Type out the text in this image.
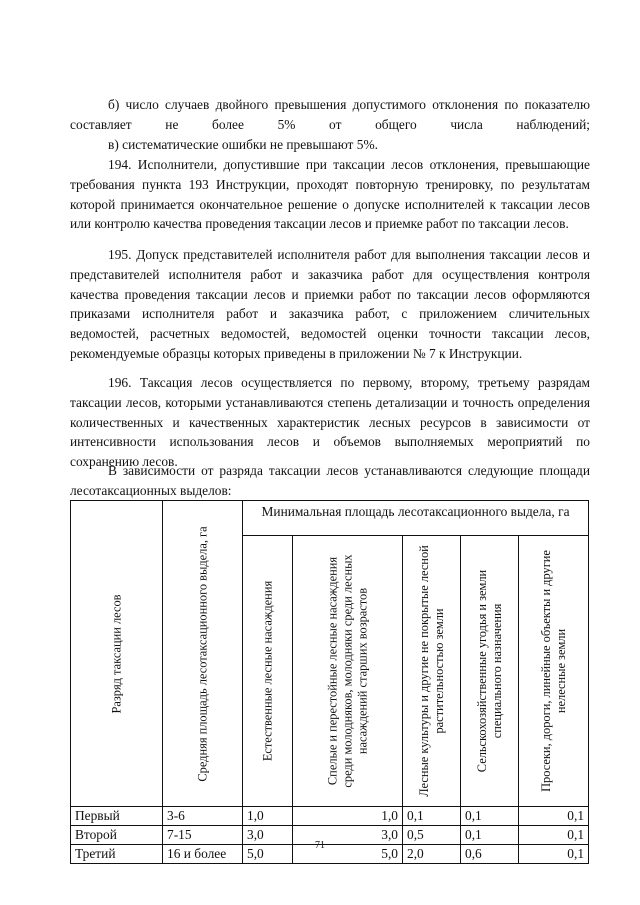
б) число случаев двойного превышения допустимого отклонения по показателю составляет не более 5% от общего числа наблюдений;
в) систематические ошибки не превышают 5%.
194. Исполнители, допустившие при таксации лесов отклонения, превышающие требования пункта 193 Инструкции, проходят повторную тренировку, по результатам которой принимается окончательное решение о допуске исполнителей к таксации лесов или контролю качества проведения таксации лесов и приемке работ по таксации лесов.
195. Допуск представителей исполнителя работ для выполнения таксации лесов и представителей исполнителя работ и заказчика работ для осуществления контроля качества проведения таксации лесов и приемки работ по таксации лесов оформляются приказами исполнителя работ и заказчика работ, с приложением сличительных ведомостей, расчетных ведомостей, ведомостей оценки точности таксации лесов, рекомендуемые образцы которых приведены в приложении № 7 к Инструкции.
196. Таксация лесов осуществляется по первому, второму, третьему разрядам таксации лесов, которыми устанавливаются степень детализации и точность определения количественных и качественных характеристик лесных ресурсов в зависимости от интенсивности использования лесов и объемов выполняемых мероприятий по сохранению лесов.
В зависимости от разряда таксации лесов устанавливаются следующие площади лесотаксационных выделов:
Разряд таксации лесов	Средняя площадь лесотаксационного выдела, га	Минимальная площадь лесотаксационного выдела, га				

		Естественные лесные насаждения	Спелые и перестойные лесные насаждения среди молодняков, молодняки среди лесных насаждений старших возрастов	Лесные культуры и другие не покрытые лесной растительностью земли	Сельскохозяйственные угодья и земли специального назначения	Просеки, дороги, линейные объекты и другие нелесные земли

Первый	3-6	1,0	1,0	0,1	0,1	0,1
Второй	7-15	3,0	3,0	0,5	0,1	0,1
Третий	16 и более	5,0	5,0	2,0	0,6	0,1
71
